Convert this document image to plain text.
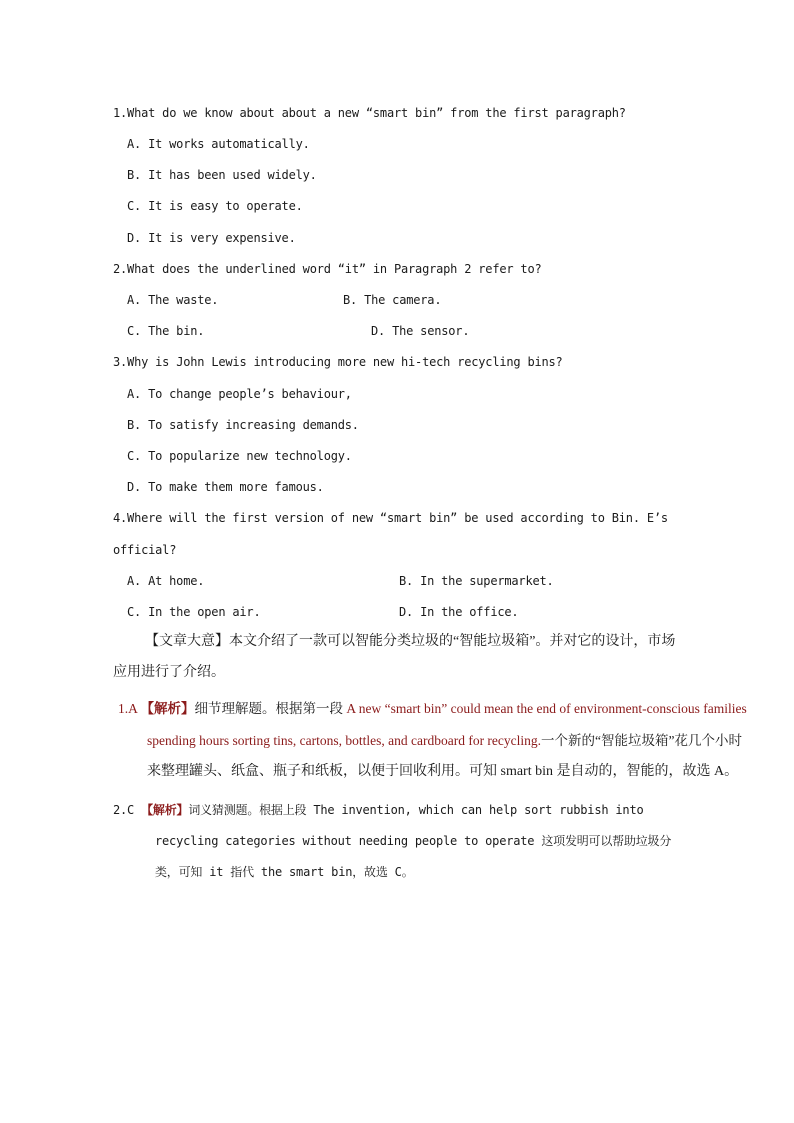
1.What do we know about about a new “smart bin” from the first paragraph?
A. It works automatically.
B. It has been used widely.
C. It is easy to operate.
D. It is very expensive.
2.What does the underlined word “it” in Paragraph 2 refer to?
A. The waste.	B. The camera.
C. The bin.	D. The sensor.
3.Why is John Lewis introducing more new hi-tech recycling bins?
A. To change people’s behaviour,
B. To satisfy increasing demands.
C. To popularize new technology.
D. To make them more famous.
4.Where will the first version of new “smart bin” be used according to Bin. E’s
official?
A. At home.	B. In the supermarket.
C. In the open air.	D. In the office.
【文章大意】本文介绍了一款可以智能分类垃圾的“智能垃圾箱”。并对它的设计，市场
应用进行了介绍。
1.A 【解析】细节理解题。根据第一段 A new “smart bin” could mean the end of environment-conscious families
spending hours sorting tins, cartons, bottles, and cardboard for recycling.一个新的“智能垃圾箱”花几个小时
来整理罐头、纸盒、瓶子和纸板，以便于回收利用。可知 smart bin 是自动的，智能的，故选 A。
2.C 【解析】词义猜测题。根据上段 The invention, which can help sort rubbish into
recycling categories without needing people to operate 这项发明可以帮助垃圾分
类，可知 it 指代 the smart bin，故选 C。
